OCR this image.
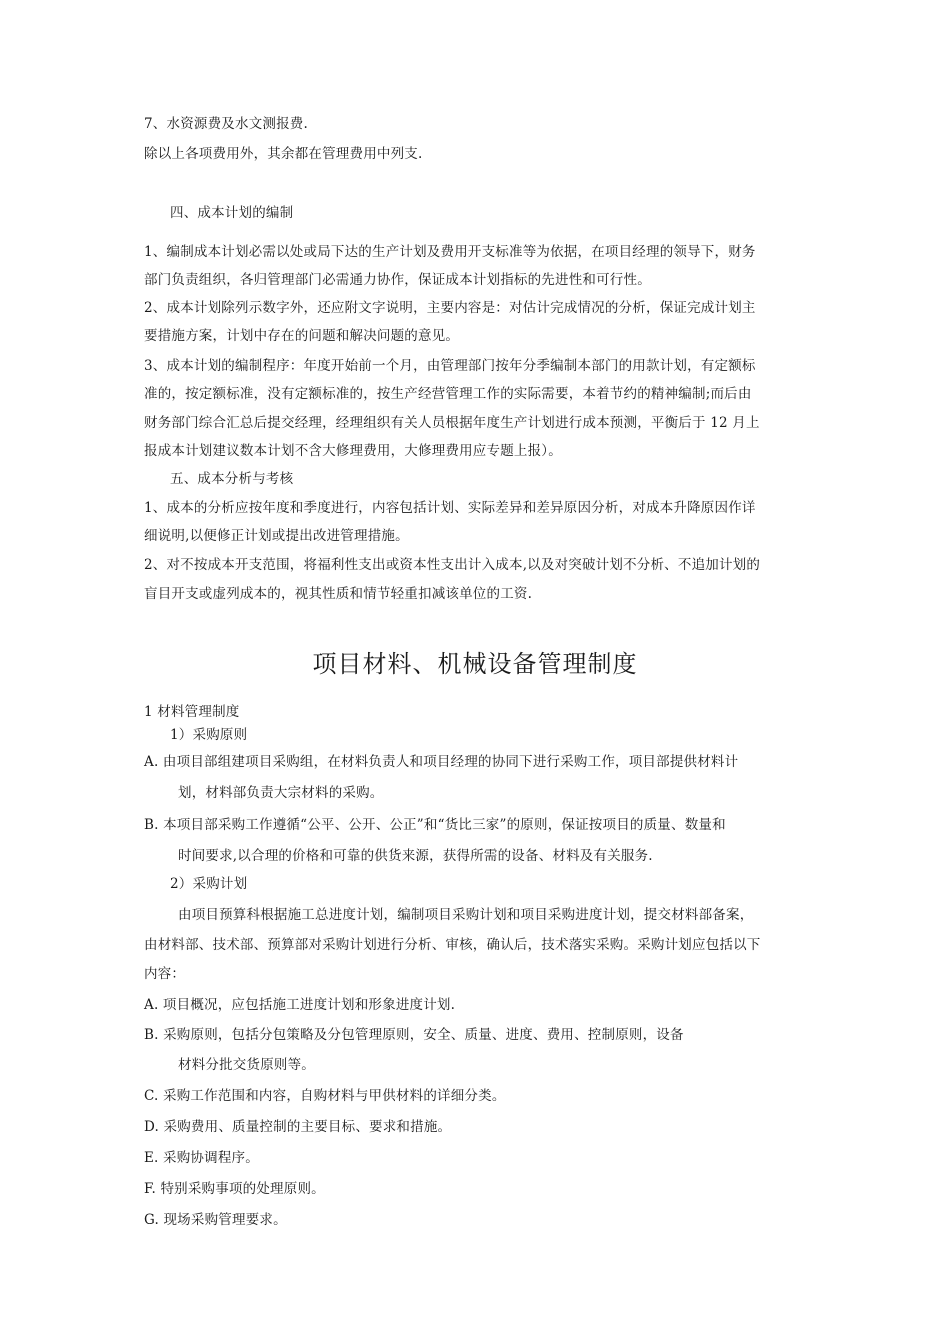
7、水资源费及水文测报费.
除以上各项费用外，其余都在管理费用中列支.
四、成本计划的编制
1、编制成本计划必需以处或局下达的生产计划及费用开支标准等为依据，在项目经理的领导下，财务
部门负责组织，各归管理部门必需通力协作，保证成本计划指标的先进性和可行性。
2、成本计划除列示数字外，还应附文字说明，主要内容是：对估计完成情况的分析，保证完成计划主
要措施方案，计划中存在的问题和解决问题的意见。
3、成本计划的编制程序：年度开始前一个月，由管理部门按年分季编制本部门的用款计划，有定额标
准的，按定额标准，没有定额标准的，按生产经营管理工作的实际需要，本着节约的精神编制;而后由
财务部门综合汇总后提交经理，经理组织有关人员根据年度生产计划进行成本预测，平衡后于 12 月上
报成本计划建议数本计划不含大修理费用，大修理费用应专题上报）。
五、成本分析与考核
1、成本的分析应按年度和季度进行，内容包括计划、实际差异和差异原因分析，对成本升降原因作详
细说明,以便修正计划或提出改进管理措施。
2、对不按成本开支范围，将福利性支出或资本性支出计入成本,以及对突破计划不分析、不追加计划的
盲目开支或虚列成本的，视其性质和情节轻重扣减该单位的工资.
项目材料、机械设备管理制度
1 材料管理制度
1）采购原则
A. 由项目部组建项目采购组，在材料负责人和项目经理的协同下进行采购工作，项目部提供材料计
划，材料部负责大宗材料的采购。
B. 本项目部采购工作遵循“公平、公开、公正”和“货比三家”的原则，保证按项目的质量、数量和
时间要求,以合理的价格和可靠的供货来源，获得所需的设备、材料及有关服务.
2）采购计划
由项目预算科根据施工总进度计划，编制项目采购计划和项目采购进度计划，提交材料部备案，
由材料部、技术部、预算部对采购计划进行分析、审核，确认后，技术落实采购。采购计划应包括以下
内容：
A. 项目概况，应包括施工进度计划和形象进度计划.
B. 采购原则，包括分包策略及分包管理原则，安全、质量、进度、费用、控制原则，设备
材料分批交货原则等。
C. 采购工作范围和内容，自购材料与甲供材料的详细分类。
D. 采购费用、质量控制的主要目标、要求和措施。
E. 采购协调程序。
F. 特别采购事项的处理原则。
G. 现场采购管理要求。
